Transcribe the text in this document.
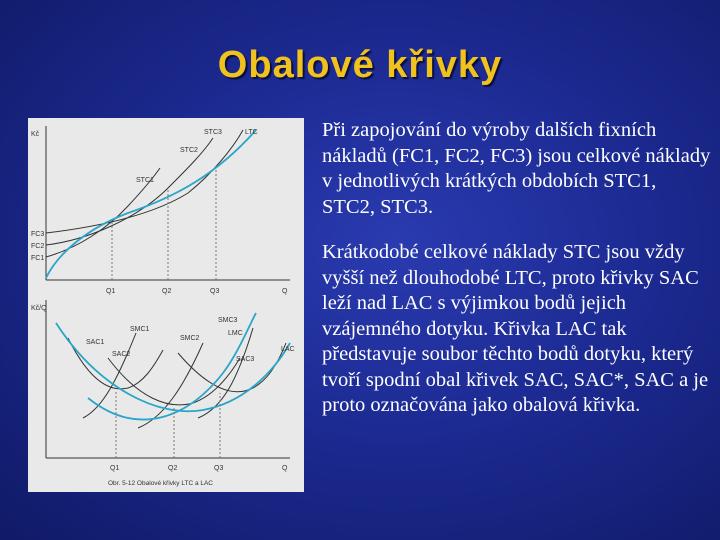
Obalové křivky
Kč
Q
FC3
FC2
FC1
STC3	LTC
STC2
STC1
Q1	Q2	Q3
Kč/Q
Q
SMC1
SMC2
SMC3
SAC1
SAC2
SAC3
LMC
LAC
Q1	Q2	Q3
Obr. 5-12 Obalové křivky LTC a LAC

Při zapojování do výroby dalších fixních nákladů (FC1, FC2, FC3) jsou celkové náklady v jednotlivých krátkých obdobích STC1, STC2, STC3.

Krátkodobé celkové náklady STC jsou vždy vyšší než dlouhodobé LTC, proto křivky SAC leží nad LAC s výjimkou bodů jejich vzájemného dotyku. Křivka LAC tak představuje soubor těchto bodů dotyku, který tvoří spodní obal křivek SAC, SAC*, SAC a je proto označována jako obalová křivka.
